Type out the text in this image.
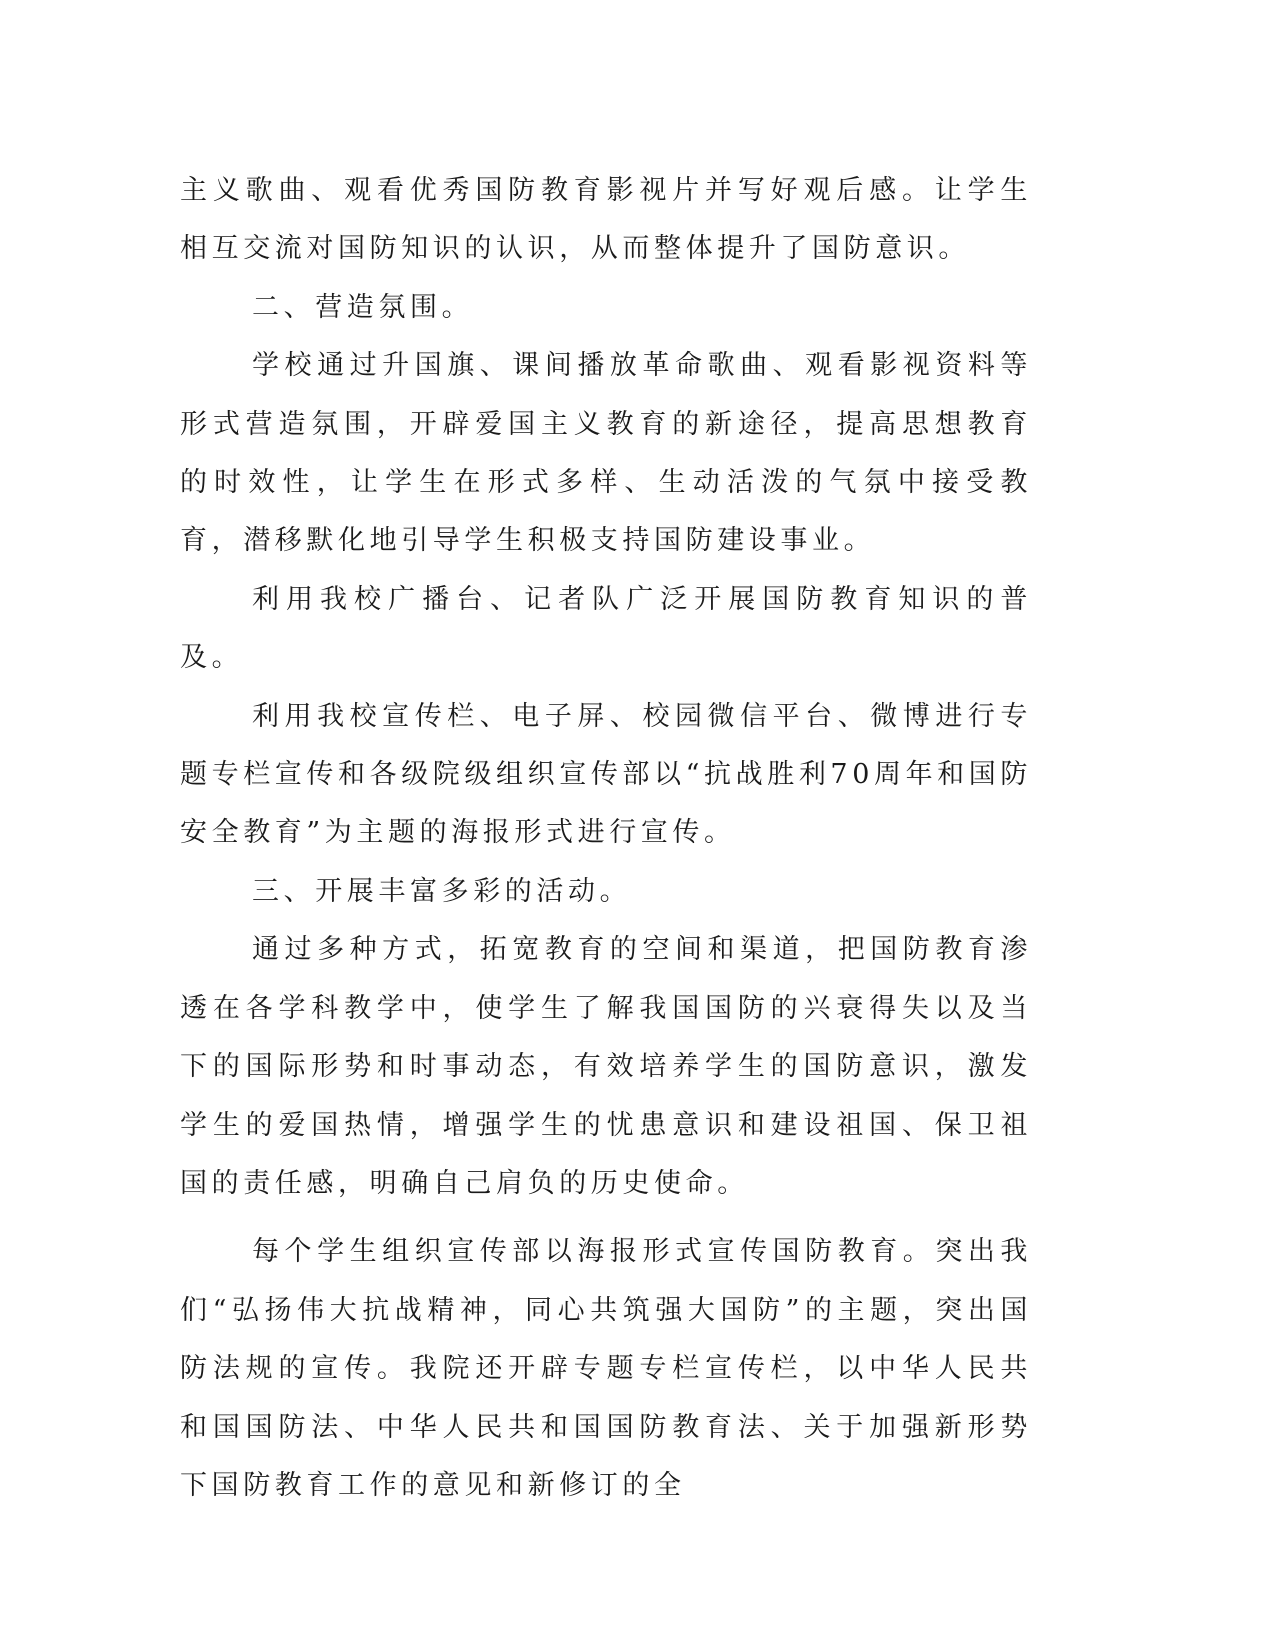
主义歌曲、观看优秀国防教育影视片并写好观后感。让学生相互交流对国防知识的认识，从而整体提升了国防意识。

二、营造氛围。

学校通过升国旗、课间播放革命歌曲、观看影视资料等形式营造氛围，开辟爱国主义教育的新途径，提高思想教育的时效性，让学生在形式多样、生动活泼的气氛中接受教育，潜移默化地引导学生积极支持国防建设事业。

利用我校广播台、记者队广泛开展国防教育知识的普及。

利用我校宣传栏、电子屏、校园微信平台、微博进行专题专栏宣传和各级院级组织宣传部以“抗战胜利70周年和国防安全教育”为主题的海报形式进行宣传。

三、开展丰富多彩的活动。

通过多种方式，拓宽教育的空间和渠道，把国防教育渗透在各学科教学中，使学生了解我国国防的兴衰得失以及当下的国际形势和时事动态，有效培养学生的国防意识，激发学生的爱国热情，增强学生的忧患意识和建设祖国、保卫祖国的责任感，明确自己肩负的历史使命。

每个学生组织宣传部以海报形式宣传国防教育。突出我们“弘扬伟大抗战精神，同心共筑强大国防”的主题，突出国防法规的宣传。我院还开辟专题专栏宣传栏，以中华人民共和国国防法、中华人民共和国国防教育法、关于加强新形势下国防教育工作的意见和新修订的全
